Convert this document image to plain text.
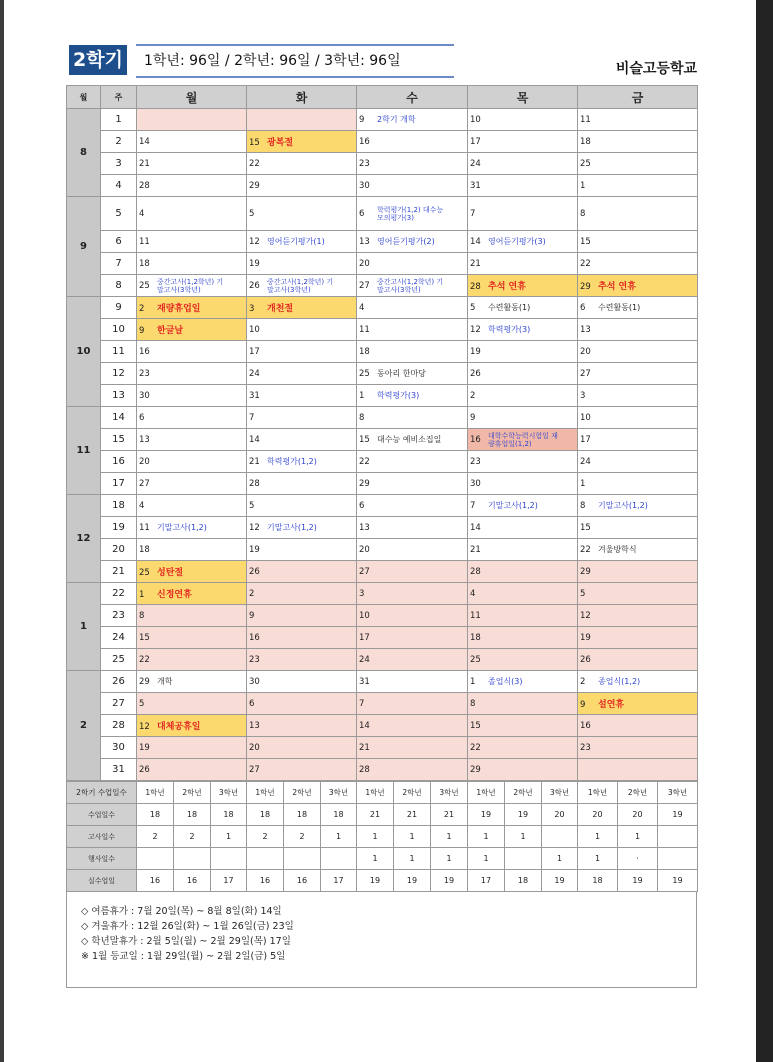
2학기	1학년: 96일 / 2학년: 96일 / 3학년: 96일	비슬고등학교
월	주	월	화	수	목	금
8	1			9 2학기 개학	10	11
	2	14	15 광복절	16	17	18
	3	21	22	23	24	25
	4	28	29	30	31	1
9	5	4	5	6 학력평가(1,2) 대수능모의평가(3)	7	8
	6	11	12 영어듣기평가(1)	13 영어듣기평가(2)	14 영어듣기평가(3)	15
	7	18	19	20	21	22
	8	25 중간고사(1,2학년) 기말고사(3학년)	26 중간고사(1,2학년) 기말고사(3학년)	27 중간고사(1,2학년) 기말고사(3학년)	28 추석 연휴	29 추석 연휴
10	9	2 재량휴업일	3 개천절	4	5 수련활동(1)	6 수련활동(1)
	10	9 한글날	10	11	12 학력평가(3)	13
	11	16	17	18	19	20
	12	23	24	25 동아리 한마당	26	27
	13	30	31	1 학력평가(3)	2	3
11	14	6	7	8	9	10
	15	13	14	15 대수능 예비소집일	16 대학수학능력시험일 재량휴업일(1,2)	17
	16	20	21 학력평가(1,2)	22	23	24
	17	27	28	29	30	1
12	18	4	5	6	7 기말고사(1,2)	8 기말고사(1,2)
	19	11 기말고사(1,2)	12 기말고사(1,2)	13	14	15
	20	18	19	20	21	22 겨울방학식
	21	25 성탄절	26	27	28	29
1	22	1 신정연휴	2	3	4	5
	23	8	9	10	11	12
	24	15	16	17	18	19
	25	22	23	24	25	26
2	26	29 개학	30	31	1 졸업식(3)	2 종업식(1,2)
	27	5	6	7	8	9 설연휴
	28	12 대체공휴일	13	14	15	16
	30	19	20	21	22	23
	31	26	27	28	29	
2학기 수업일수	1학년	2학년	3학년	1학년	2학년	3학년	1학년	2학년	3학년	1학년	2학년	3학년	1학년	2학년	3학년
수업일수	18	18	18	18	18	18	21	21	21	19	19	20	20	20	19
고사일수	2	2	1	2	2	1	1	1	1	1	1		1	1	
행사일수							1	1	1	1		1	1	·	
실수업일	16	16	17	16	16	17	19	19	19	17	18	19	18	19	19
◇ 여름휴가 : 7월 20일(목) ~ 8월 8일(화) 14일
◇ 겨울휴가 : 12월 26일(화) ~ 1월 26일(금) 23일
◇ 학년말휴가 : 2월 5일(월) ~ 2월 29일(목) 17일
※ 1월 등교일 : 1월 29일(월) ~ 2월 2일(금) 5일
